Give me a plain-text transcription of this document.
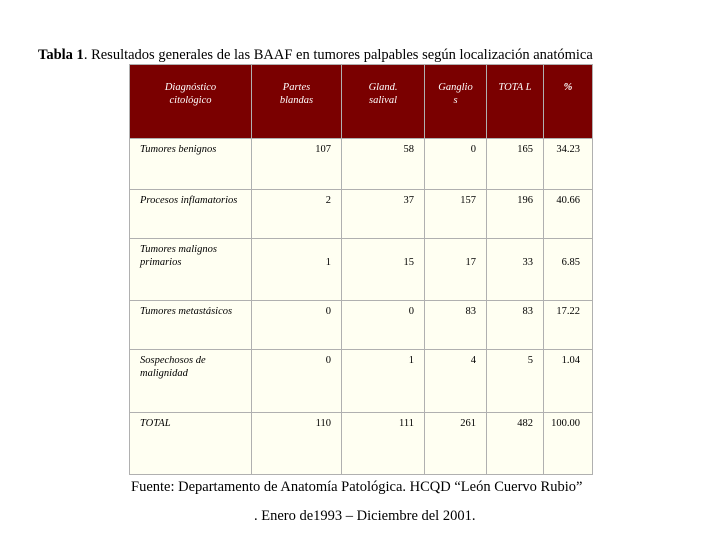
Tabla 1. Resultados generales de las BAAF en tumores palpables según localización anatómica
Diagnóstico citológico	Partes blandas	Gland. salival	Ganglio s	TOTA L	%
Tumores benignos	107	58	0	165	34.23
Procesos inflamatorios	2	37	157	196	40.66

Tumores malignos primarios	1	15	17	33	6.85
Tumores metastásicos	0	0	83	83	17.22

Sospechosos de malignidad	0	1	4	5	1.04
TOTAL	110	111	261	482	100.00
Fuente: Departamento de Anatomía Patológica. HCQD “León Cuervo Rubio”
. Enero de1993 – Diciembre del 2001.
